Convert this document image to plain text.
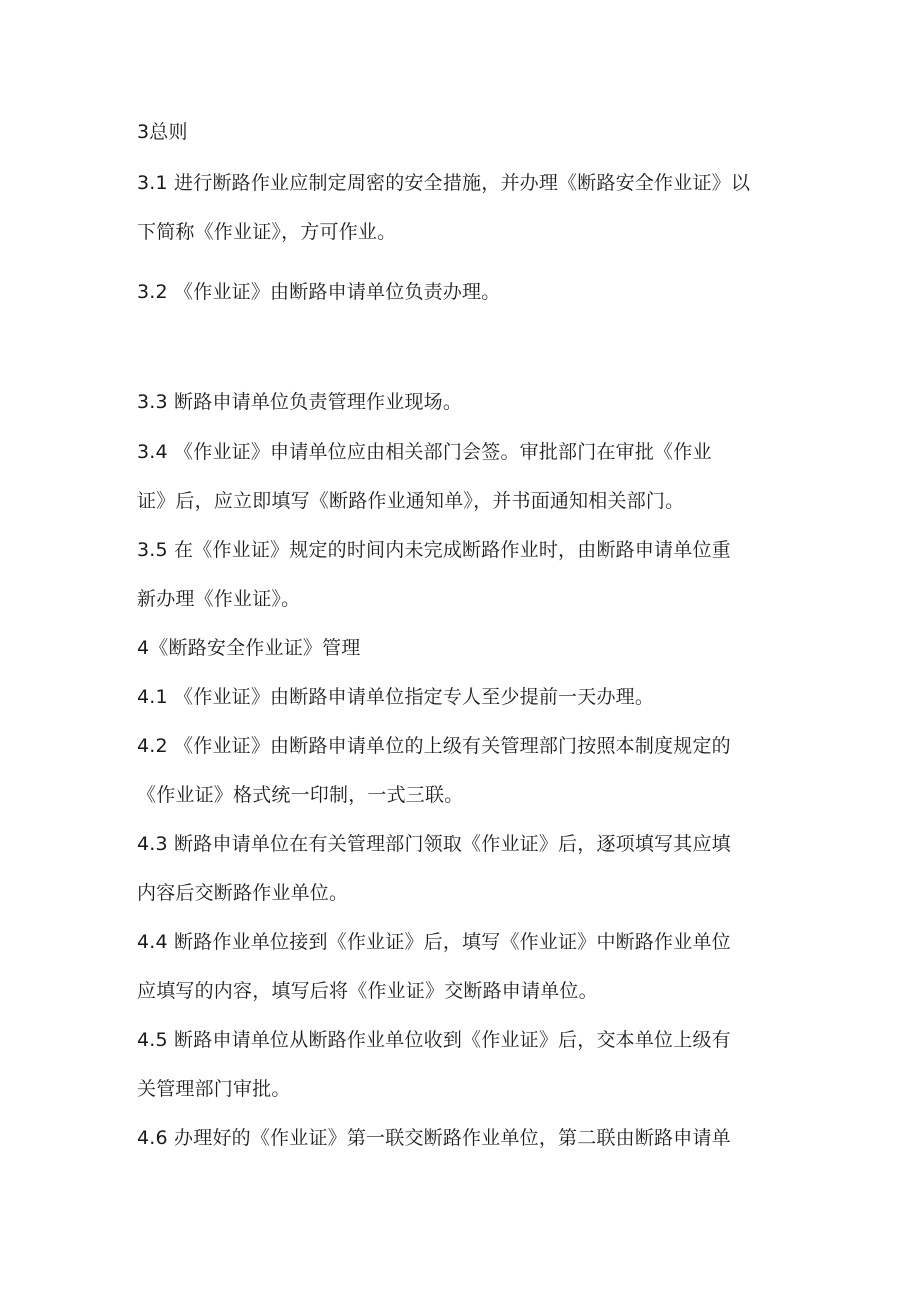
3总则
3.1 进行断路作业应制定周密的安全措施，并办理《断路安全作业证》以
下简称《作业证》，方可作业。
3.2 《作业证》由断路申请单位负责办理。
3.3 断路申请单位负责管理作业现场。
3.4 《作业证》申请单位应由相关部门会签。审批部门在审批《作业
证》后，应立即填写《断路作业通知单》，并书面通知相关部门。
3.5 在《作业证》规定的时间内未完成断路作业时，由断路申请单位重
新办理《作业证》。
4《断路安全作业证》管理
4.1 《作业证》由断路申请单位指定专人至少提前一天办理。
4.2 《作业证》由断路申请单位的上级有关管理部门按照本制度规定的
《作业证》格式统一印制，一式三联。
4.3 断路申请单位在有关管理部门领取《作业证》后，逐项填写其应填
内容后交断路作业单位。
4.4 断路作业单位接到《作业证》后，填写《作业证》中断路作业单位
应填写的内容，填写后将《作业证》交断路申请单位。
4.5 断路申请单位从断路作业单位收到《作业证》后，交本单位上级有
关管理部门审批。
4.6 办理好的《作业证》第一联交断路作业单位，第二联由断路申请单
